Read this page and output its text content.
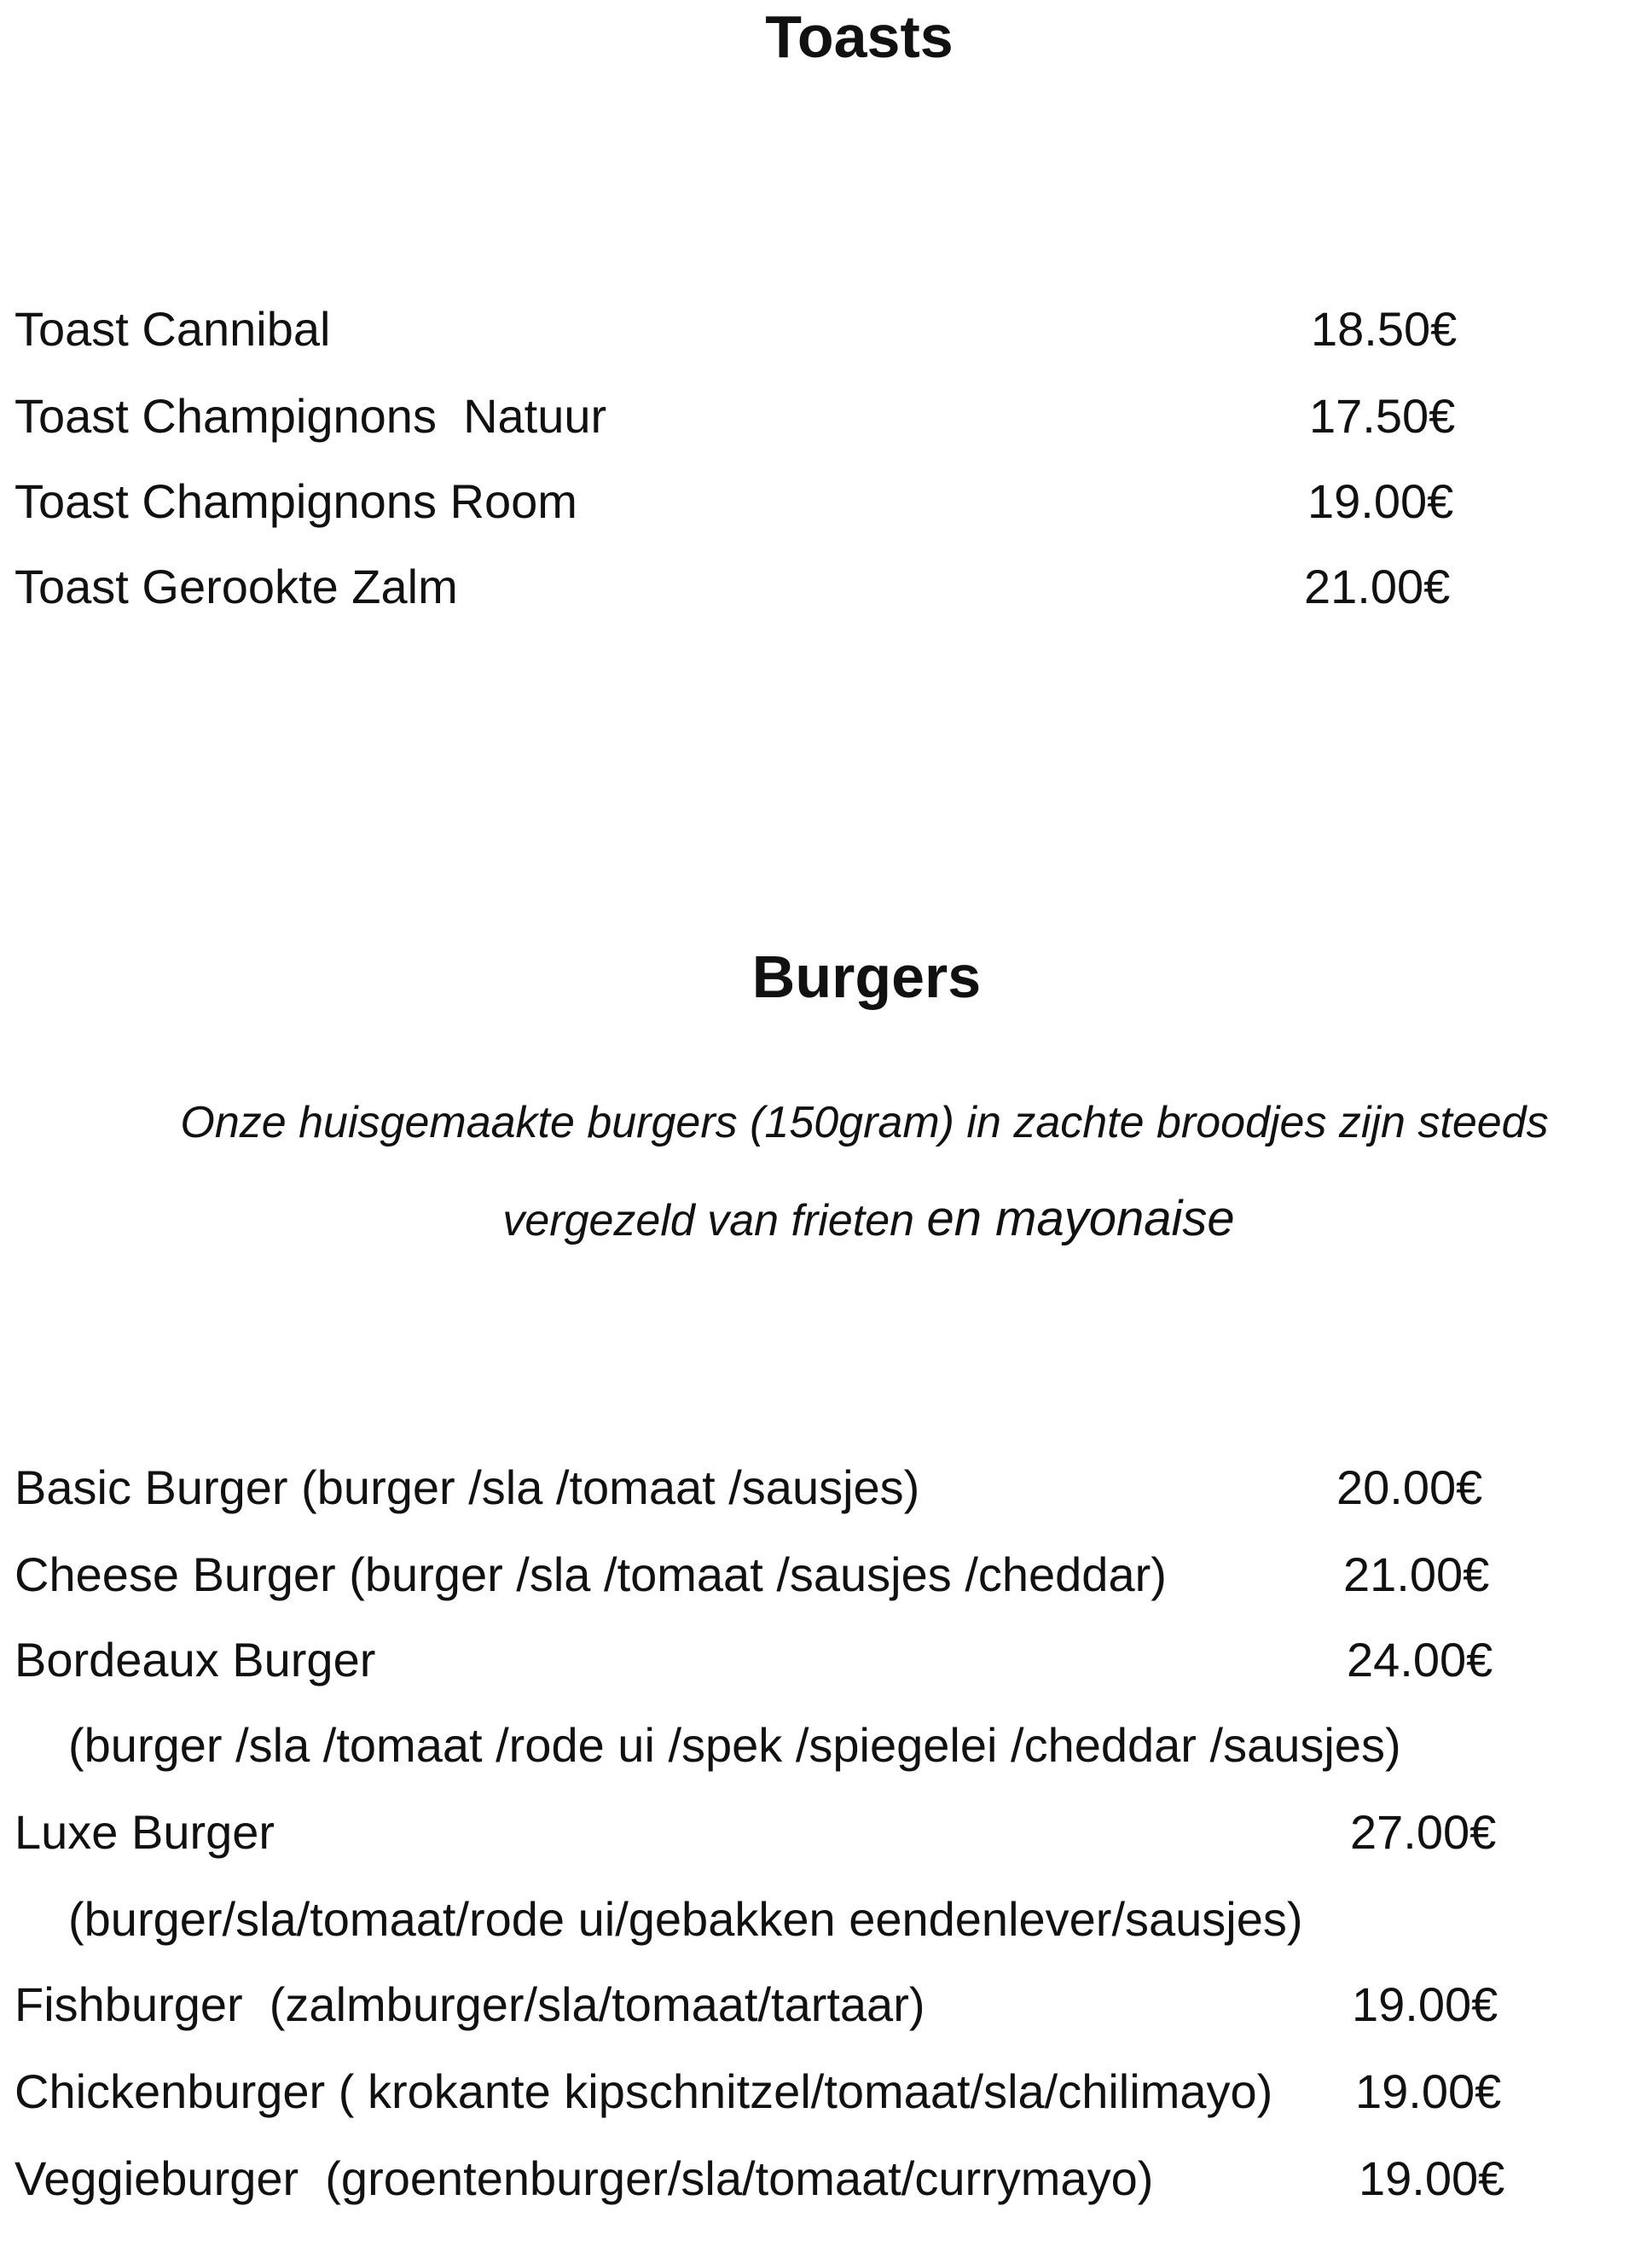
Toasts
Toast Cannibal	18.50€
Toast Champignons  Natuur	17.50€
Toast Champignons Room	19.00€
Toast Gerookte Zalm	21.00€
Burgers
Onze huisgemaakte burgers (150gram) in zachte broodjes zijn steeds
vergezeld van frieten en mayonaise
Basic Burger (burger /sla /tomaat /sausjes)	20.00€
Cheese Burger (burger /sla /tomaat /sausjes /cheddar)	21.00€
Bordeaux Burger	24.00€
(burger /sla /tomaat /rode ui /spek /spiegelei /cheddar /sausjes)
Luxe Burger	27.00€
(burger/sla/tomaat/rode ui/gebakken eendenlever/sausjes)
Fishburger  (zalmburger/sla/tomaat/tartaar)	19.00€
Chickenburger ( krokante kipschnitzel/tomaat/sla/chilimayo) 19.00€
Veggieburger  (groentenburger/sla/tomaat/currymayo)	19.00€
